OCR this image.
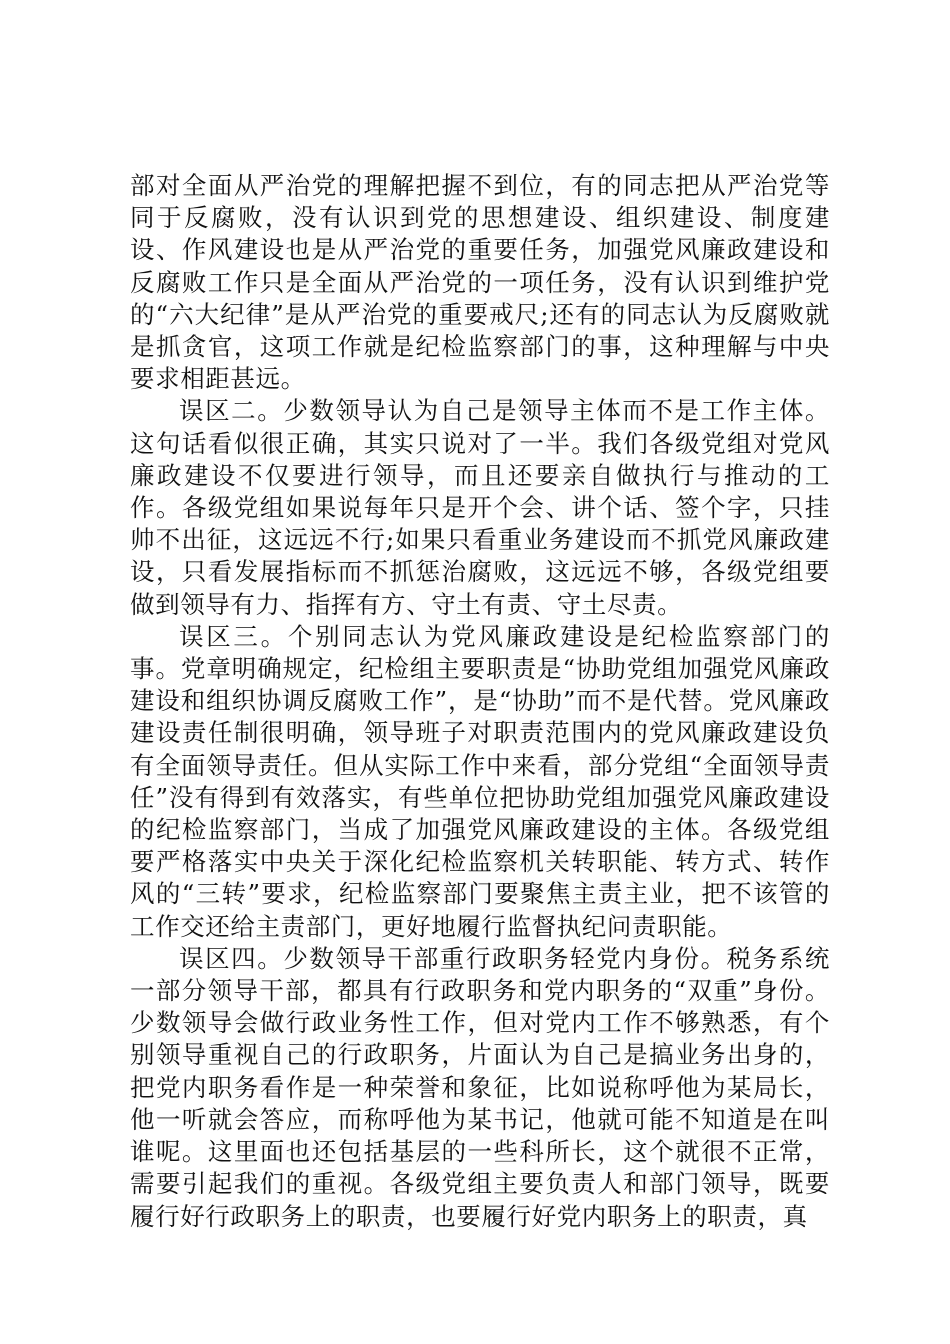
部对全面从严治党的理解把握不到位，有的同志把从严治党等同于反腐败，没有认识到党的思想建设、组织建设、制度建设、作风建设也是从严治党的重要任务，加强党风廉政建设和反腐败工作只是全面从严治党的一项任务，没有认识到维护党的“六大纪律”是从严治党的重要戒尺;还有的同志认为反腐败就是抓贪官，这项工作就是纪检监察部门的事，这种理解与中央要求相距甚远。

误区二。少数领导认为自己是领导主体而不是工作主体。这句话看似很正确，其实只说对了一半。我们各级党组对党风廉政建设不仅要进行领导，而且还要亲自做执行与推动的工作。各级党组如果说每年只是开个会、讲个话、签个字，只挂帅不出征，这远远不行;如果只看重业务建设而不抓党风廉政建设，只看发展指标而不抓惩治腐败，这远远不够，各级党组要做到领导有力、指挥有方、守土有责、守土尽责。

误区三。个别同志认为党风廉政建设是纪检监察部门的事。党章明确规定，纪检组主要职责是“协助党组加强党风廉政建设和组织协调反腐败工作”，是“协助”而不是代替。党风廉政建设责任制很明确，领导班子对职责范围内的党风廉政建设负有全面领导责任。但从实际工作中来看，部分党组“全面领导责任”没有得到有效落实，有些单位把协助党组加强党风廉政建设的纪检监察部门，当成了加强党风廉政建设的主体。各级党组要严格落实中央关于深化纪检监察机关转职能、转方式、转作风的“三转”要求，纪检监察部门要聚焦主责主业，把不该管的工作交还给主责部门，更好地履行监督执纪问责职能。

误区四。少数领导干部重行政职务轻党内身份。税务系统一部分领导干部，都具有行政职务和党内职务的“双重”身份。少数领导会做行政业务性工作，但对党内工作不够熟悉，有个别领导重视自己的行政职务，片面认为自己是搞业务出身的，把党内职务看作是一种荣誉和象征，比如说称呼他为某局长，他一听就会答应，而称呼他为某书记，他就可能不知道是在叫谁呢。这里面也还包括基层的一些科所长，这个就很不正常，需要引起我们的重视。各级党组主要负责人和部门领导，既要履行好行政职务上的职责，也要履行好党内职务上的职责，真
